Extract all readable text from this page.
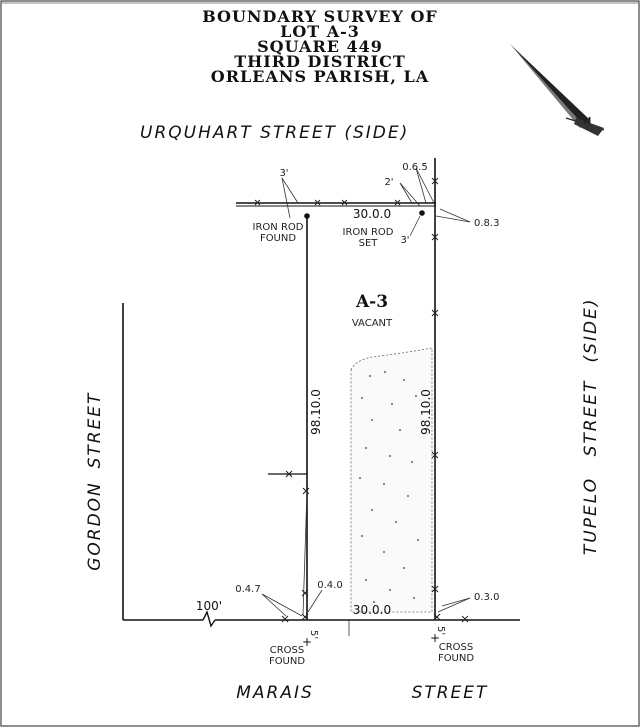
BOUNDARY SURVEY OF
LOT A-3
SQUARE 449
THIRD DISTRICT
ORLEANS PARISH, LA
N
URQUHART STREET (SIDE)
STREET
GORDON
(SIDE)
STREET
TUPELO
MARAIS	STREET
A-3
VACANT
30.0.0
30.0.0
98.10.0	98.10.0
100'
IRON ROD
FOUND
IRON ROD
SET
3'
0.6.5
2'
0.8.3
3'
0.4.7	0.4.0
0.3.0
+	+
CROSS
FOUND
CROSS
FOUND
5'	5'
